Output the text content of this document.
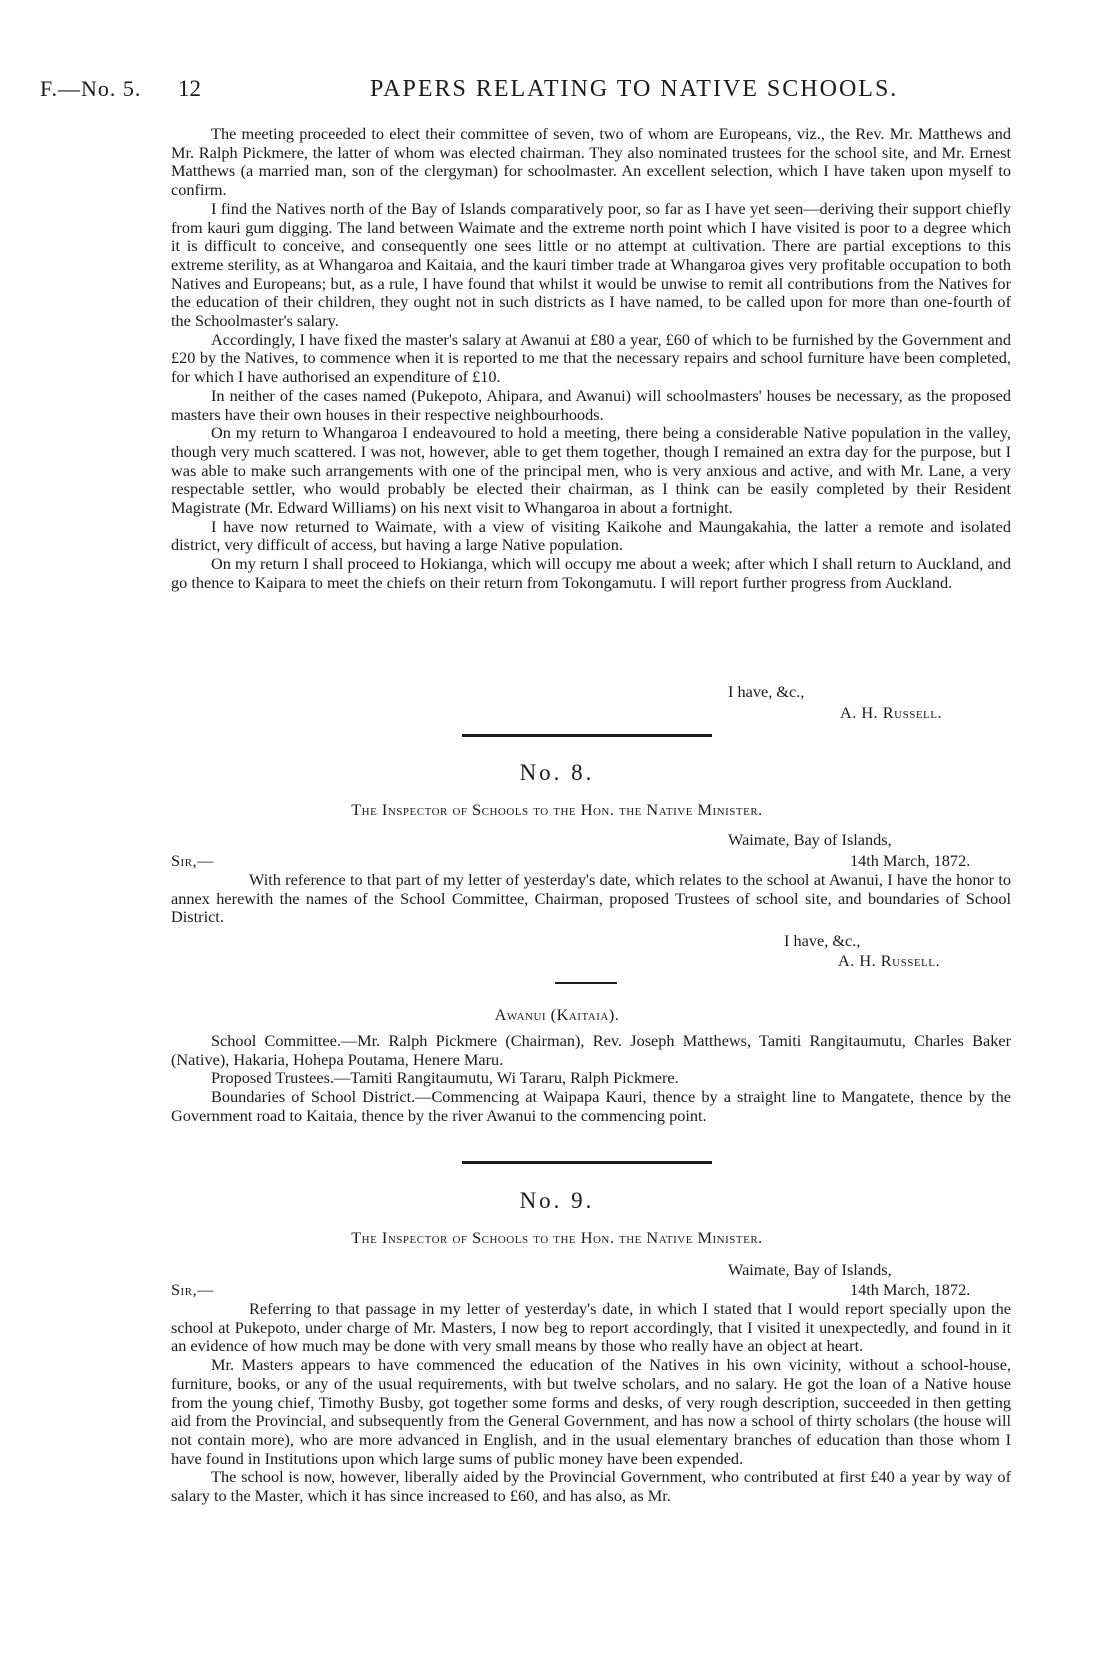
F.—No. 5. 12	PAPERS RELATING TO NATIVE SCHOOLS.

The meeting proceeded to elect their committee of seven, two of whom are Europeans, viz., the Rev. Mr. Matthews and Mr. Ralph Pickmere, the latter of whom was elected chairman. They also nominated trustees for the school site, and Mr. Ernest Matthews (a married man, son of the clergyman) for schoolmaster. An excellent selection, which I have taken upon myself to confirm.

I find the Natives north of the Bay of Islands comparatively poor, so far as I have yet seen—deriving their support chiefly from kauri gum digging. The land between Waimate and the extreme north point which I have visited is poor to a degree which it is difficult to conceive, and consequently one sees little or no attempt at cultivation. There are partial exceptions to this extreme sterility, as at Whangaroa and Kaitaia, and the kauri timber trade at Whangaroa gives very profitable occupation to both Natives and Europeans; but, as a rule, I have found that whilst it would be unwise to remit all contributions from the Natives for the education of their children, they ought not in such districts as I have named, to be called upon for more than one-fourth of the Schoolmaster's salary.

Accordingly, I have fixed the master's salary at Awanui at £80 a year, £60 of which to be furnished by the Government and £20 by the Natives, to commence when it is reported to me that the necessary repairs and school furniture have been completed, for which I have authorised an expenditure of £10.

In neither of the cases named (Pukepoto, Ahipara, and Awanui) will schoolmasters' houses be necessary, as the proposed masters have their own houses in their respective neighbourhoods.

On my return to Whangaroa I endeavoured to hold a meeting, there being a considerable Native population in the valley, though very much scattered. I was not, however, able to get them together, though I remained an extra day for the purpose, but I was able to make such arrangements with one of the principal men, who is very anxious and active, and with Mr. Lane, a very respectable settler, who would probably be elected their chairman, as I think can be easily completed by their Resident Magistrate (Mr. Edward Williams) on his next visit to Whangaroa in about a fortnight.

I have now returned to Waimate, with a view of visiting Kaikohe and Maungakahia, the latter a remote and isolated district, very difficult of access, but having a large Native population.

On my return I shall proceed to Hokianga, which will occupy me about a week; after which I shall return to Auckland, and go thence to Kaipara to meet the chiefs on their return from Tokongamutu. I will report further progress from Auckland.

I have, &c.,
A. H. Russell.
No. 8.
The Inspector of Schools to the Hon. the Native Minister.
Waimate, Bay of Islands,
Sir,—	14th March, 1872.

With reference to that part of my letter of yesterday's date, which relates to the school at Awanui, I have the honor to annex herewith the names of the School Committee, Chairman, proposed Trustees of school site, and boundaries of School District.

I have, &c.,
A. H. Russell.
Awanui (Kaitaia).

School Committee.—Mr. Ralph Pickmere (Chairman), Rev. Joseph Matthews, Tamiti Rangitaumutu, Charles Baker (Native), Hakaria, Hohepa Poutama, Henere Maru.

Proposed Trustees.—Tamiti Rangitaumutu, Wi Tararu, Ralph Pickmere.

Boundaries of School District.—Commencing at Waipapa Kauri, thence by a straight line to Mangatete, thence by the Government road to Kaitaia, thence by the river Awanui to the commencing point.

No. 9.
The Inspector of Schools to the Hon. the Native Minister.
Waimate, Bay of Islands,
Sir,—	14th March, 1872.

Referring to that passage in my letter of yesterday's date, in which I stated that I would report specially upon the school at Pukepoto, under charge of Mr. Masters, I now beg to report accordingly, that I visited it unexpectedly, and found in it an evidence of how much may be done with very small means by those who really have an object at heart.

Mr. Masters appears to have commenced the education of the Natives in his own vicinity, without a school-house, furniture, books, or any of the usual requirements, with but twelve scholars, and no salary. He got the loan of a Native house from the young chief, Timothy Busby, got together some forms and desks, of very rough description, succeeded in then getting aid from the Provincial, and subsequently from the General Government, and has now a school of thirty scholars (the house will not contain more), who are more advanced in English, and in the usual elementary branches of education than those whom I have found in Institutions upon which large sums of public money have been expended.

The school is now, however, liberally aided by the Provincial Government, who contributed at first £40 a year by way of salary to the Master, which it has since increased to £60, and has also, as Mr.
